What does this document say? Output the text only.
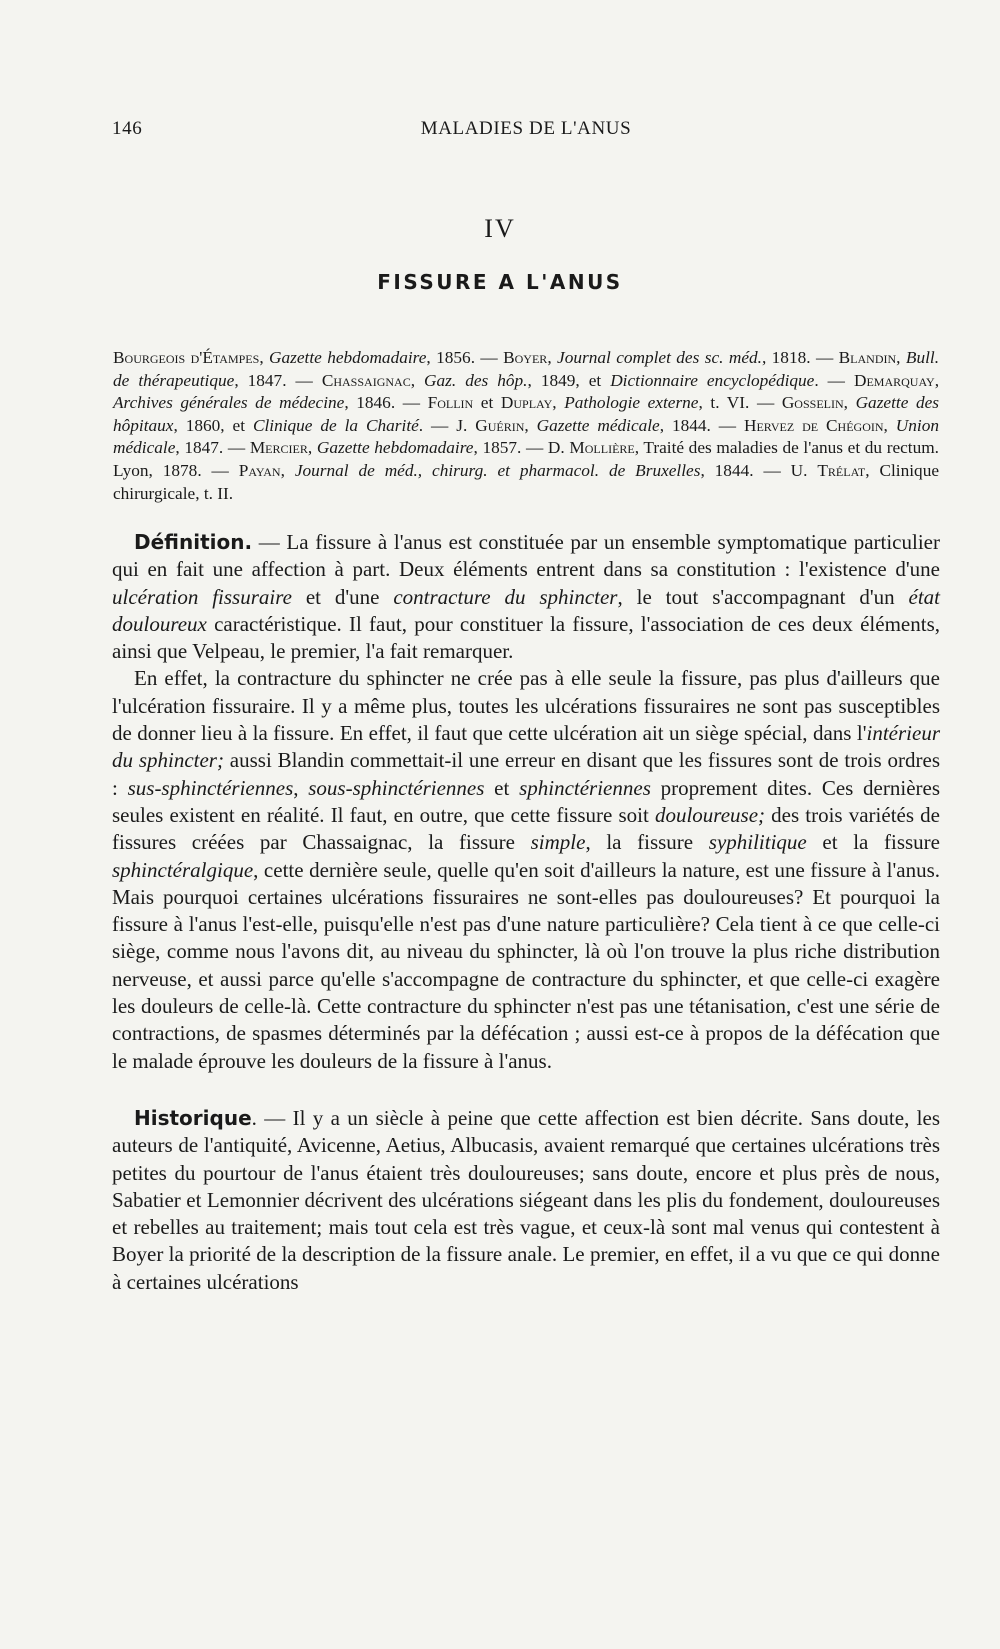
146	MALADIES DE L'ANUS
IV
FISSURE A L'ANUS

Bourgeois d'Étampes, Gazette hebdomadaire, 1856. — Boyer, Journal complet des sc. méd., 1818. — Blandin, Bull. de thérapeutique, 1847. — Chassaignac, Gaz. des hôp., 1849, et Dictionnaire encyclopédique. — Demarquay, Archives générales de médecine, 1846. — Follin et Duplay, Pathologie externe, t. VI. — Gosselin, Gazette des hôpitaux, 1860, et Clinique de la Charité. — J. Guérin, Gazette médicale, 1844. — Hervez de Chégoin, Union médicale, 1847. — Mercier, Gazette hebdomadaire, 1857. — D. Mollière, Traité des maladies de l'anus et du rectum. Lyon, 1878. — Payan, Journal de méd., chirurg. et pharmacol. de Bruxelles, 1844. — U. Trélat, Clinique chirurgicale, t. II.

Définition. — La fissure à l'anus est constituée par un ensemble symptomatique particulier qui en fait une affection à part. Deux éléments entrent dans sa constitution : l'existence d'une ulcération fissuraire et d'une contracture du sphincter, le tout s'accompagnant d'un état douloureux caractéristique. Il faut, pour constituer la fissure, l'association de ces deux éléments, ainsi que Velpeau, le premier, l'a fait remarquer.

En effet, la contracture du sphincter ne crée pas à elle seule la fissure, pas plus d'ailleurs que l'ulcération fissuraire. Il y a même plus, toutes les ulcérations fissuraires ne sont pas susceptibles de donner lieu à la fissure. En effet, il faut que cette ulcération ait un siège spécial, dans l'intérieur du sphincter; aussi Blandin commettait-il une erreur en disant que les fissures sont de trois ordres : sus-sphinctériennes, sous-sphinctériennes et sphinctériennes proprement dites. Ces dernières seules existent en réalité. Il faut, en outre, que cette fissure soit douloureuse; des trois variétés de fissures créées par Chassaignac, la fissure simple, la fissure syphilitique et la fissure sphinctéralgique, cette dernière seule, quelle qu'en soit d'ailleurs la nature, est une fissure à l'anus. Mais pourquoi certaines ulcérations fissuraires ne sont-elles pas douloureuses? Et pourquoi la fissure à l'anus l'est-elle, puisqu'elle n'est pas d'une nature particulière? Cela tient à ce que celle-ci siège, comme nous l'avons dit, au niveau du sphincter, là où l'on trouve la plus riche distribution nerveuse, et aussi parce qu'elle s'accompagne de contracture du sphincter, et que celle-ci exagère les douleurs de celle-là. Cette contracture du sphincter n'est pas une tétanisation, c'est une série de contractions, de spasmes déterminés par la défécation ; aussi est-ce à propos de la défécation que le malade éprouve les douleurs de la fissure à l'anus.

Historique. — Il y a un siècle à peine que cette affection est bien décrite. Sans doute, les auteurs de l'antiquité, Avicenne, Aetius, Albucasis, avaient remarqué que certaines ulcérations très petites du pourtour de l'anus étaient très douloureuses; sans doute, encore et plus près de nous, Sabatier et Lemonnier décrivent des ulcérations siégeant dans les plis du fondement, douloureuses et rebelles au traitement; mais tout cela est très vague, et ceux-là sont mal venus qui contestent à Boyer la priorité de la description de la fissure anale. Le premier, en effet, il a vu que ce qui donne à certaines ulcérations
